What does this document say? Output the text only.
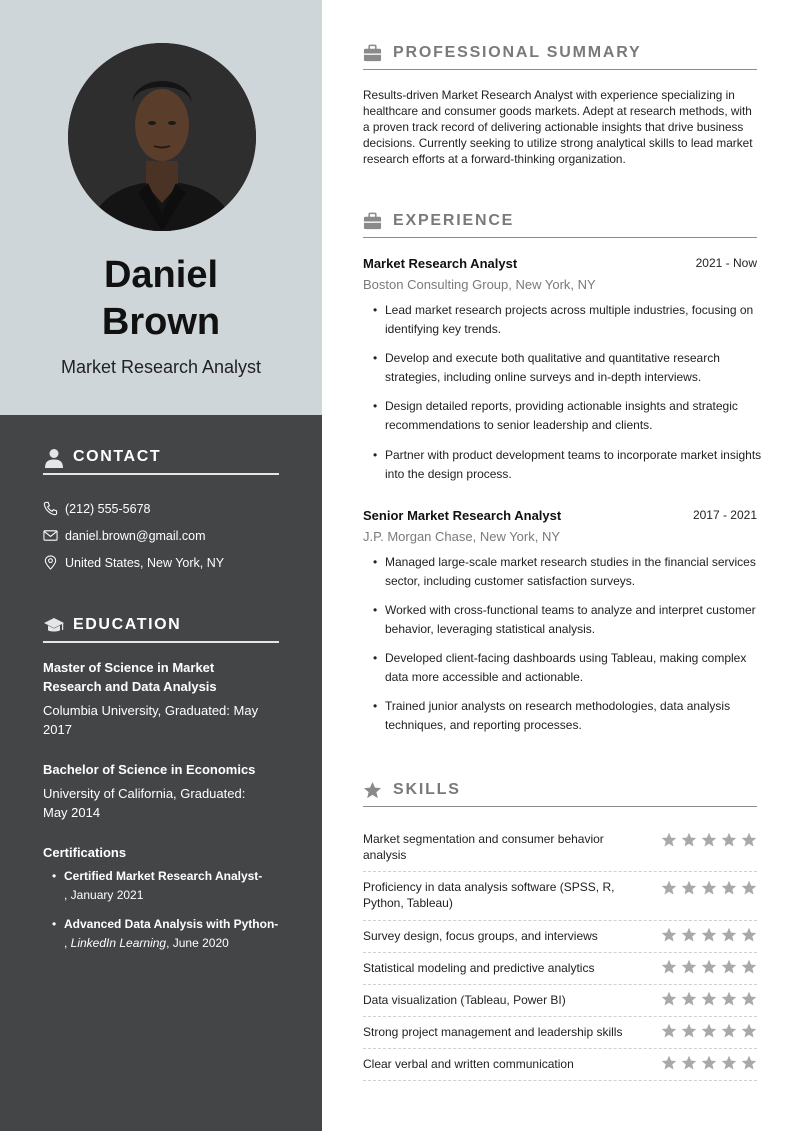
Daniel
Brown
Market Research Analyst
CONTACT
(212) 555-5678
daniel.brown@gmail.com
United States, New York, NY
EDUCATION
Master of Science in Market
Research and Data Analysis
Columbia University, Graduated: May
2017
Bachelor of Science in Economics
University of California, Graduated:
May 2014
Certifications
• Certified Market Research Analyst-
, January 2021
• Advanced Data Analysis with Python-
, LinkedIn Learning, June 2020
PROFESSIONAL SUMMARY
Results-driven Market Research Analyst with experience specializing in healthcare and consumer goods markets. Adept at research methods, with a proven track record of delivering actionable insights that drive business decisions. Currently seeking to utilize strong analytical skills to lead market research efforts at a forward-thinking organization.
EXPERIENCE
Market Research Analyst	2021 - Now
Boston Consulting Group, New York, NY
• Lead market research projects across multiple industries, focusing on identifying key trends.
• Develop and execute both qualitative and quantitative research strategies, including online surveys and in-depth interviews.
• Design detailed reports, providing actionable insights and strategic recommendations to senior leadership and clients.
• Partner with product development teams to incorporate market insights into the design process.
Senior Market Research Analyst	2017 - 2021
J.P. Morgan Chase, New York, NY
• Managed large-scale market research studies in the financial services sector, including customer satisfaction surveys.
• Worked with cross-functional teams to analyze and interpret customer behavior, leveraging statistical analysis.
• Developed client-facing dashboards using Tableau, making complex data more accessible and actionable.
• Trained junior analysts on research methodologies, data analysis techniques, and reporting processes.
SKILLS
Market segmentation and consumer behavior analysis
Proficiency in data analysis software (SPSS, R, Python, Tableau)
Survey design, focus groups, and interviews
Statistical modeling and predictive analytics
Data visualization (Tableau, Power BI)
Strong project management and leadership skills
Clear verbal and written communication
